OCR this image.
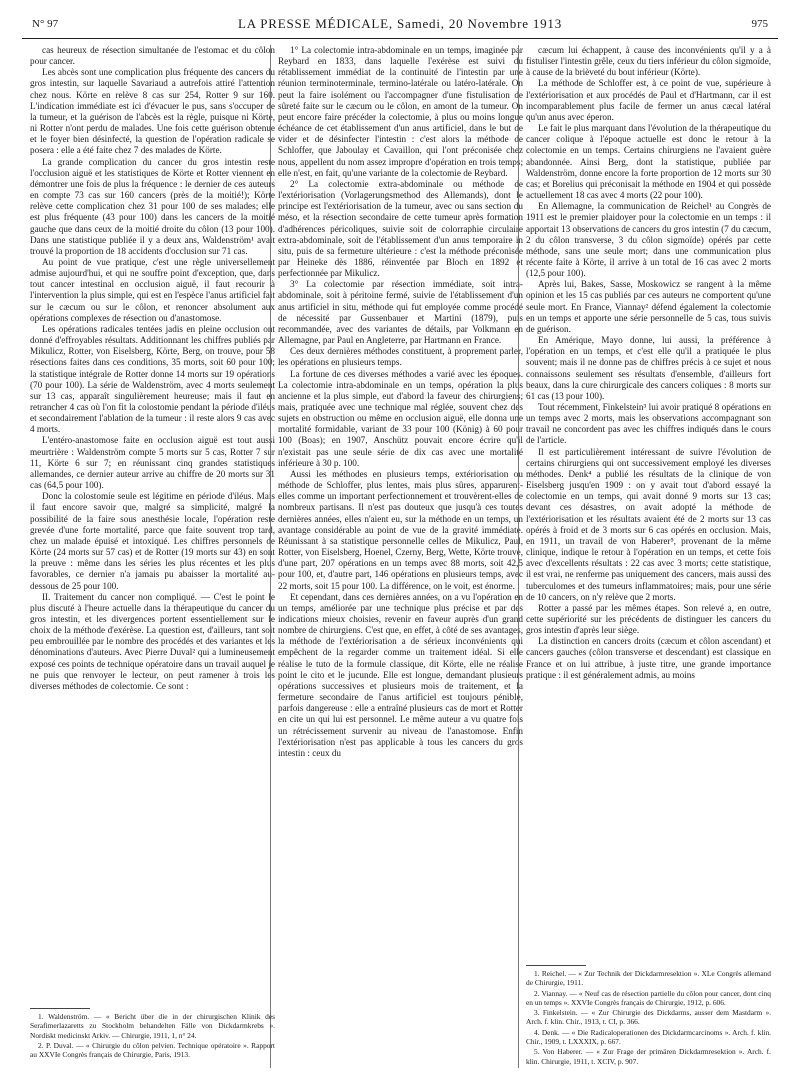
N° 97	LA PRESSE MÉDICALE, Samedi, 20 Novembre 1913	975

cas heureux de résection simultanée de l'estomac et du côlon pour cancer.

Les abcès sont une complication plus fréquente des cancers du gros intestin, sur laquelle Savariaud a autrefois attiré l'attention chez nous. Körte en relève 8 cas sur 254, Rotter 9 sur 160. L'indication immédiate est ici d'évacuer le pus, sans s'occuper de la tumeur, et la guérison de l'abcès est la règle, puisque ni Körte, ni Rotter n'ont perdu de malades. Une fois cette guérison obtenue et le foyer bien désinfecté, la question de l'opération radicale se posera : elle a été faite chez 7 des malades de Körte.

La grande complication du cancer du gros intestin reste l'occlusion aiguë et les statistiques de Körte et Rotter viennent en démontrer une fois de plus la fréquence : le dernier de ces auteurs en compte 73 cas sur 160 cancers (près de la moitié!); Körte relève cette complication chez 31 pour 100 de ses malades; elle est plus fréquente (43 pour 100) dans les cancers de la moitié gauche que dans ceux de la moitié droite du côlon (13 pour 100). Dans une statistique publiée il y a deux ans, Waldenström¹ avait trouvé la proportion de 18 accidents d'occlusion sur 71 cas.

Au point de vue pratique, c'est une règle universellement admise aujourd'hui, et qui ne souffre point d'exception, que, dans tout cancer intestinal en occlusion aiguë, il faut recourir à l'intervention la plus simple, qui est en l'espèce l'anus artificiel fait sur le cæcum ou sur le côlon, et renoncer absolument aux opérations complexes de résection ou d'anastomose.

Les opérations radicales tentées jadis en pleine occlusion ont donné d'effroyables résultats. Additionnant les chiffres publiés par Mikulicz, Rotter, von Eiselsberg, Körte, Berg, on trouve, pour 58 résections faites dans ces conditions, 35 morts, soit 60 pour 100; la statistique intégrale de Rotter donne 14 morts sur 19 opérations (70 pour 100). La série de Waldenström, avec 4 morts seulement sur 13 cas, apparaît singulièrement heureuse; mais il faut en retrancher 4 cas où l'on fit la colostomie pendant la période d'iléus et secondairement l'ablation de la tumeur : il reste alors 9 cas avec 4 morts.

L'entéro-anastomose faite en occlusion aiguë est tout aussi meurtrière : Waldenström compte 5 morts sur 5 cas, Rotter 7 sur 11, Körte 6 sur 7; en réunissant cinq grandes statistiques allemandes, ce dernier auteur arrive au chiffre de 20 morts sur 31 cas (64,5 pour 100).

Donc la colostomie seule est légitime en période d'iléus. Mais il faut encore savoir que, malgré sa simplicité, malgré la possibilité de la faire sous anesthésie locale, l'opération reste grevée d'une forte mortalité, parce que faite souvent trop tard, chez un malade épuisé et intoxiqué. Les chiffres personnels de Körte (24 morts sur 57 cas) et de Rotter (19 morts sur 43) en sont la preuve : même dans les séries les plus récentes et les plus favorables, ce dernier n'a jamais pu abaisser la mortalité au-dessous de 25 pour 100.

II. Traitement du cancer non compliqué. — C'est le point le plus discuté à l'heure actuelle dans la thérapeutique du cancer du gros intestin, et les divergences portent essentiellement sur le choix de la méthode d'exérèse. La question est, d'ailleurs, tant soit peu embrouillée par le nombre des procédés et des variantes et les dénominations d'auteurs. Avec Pierre Duval² qui a lumineusement exposé ces points de technique opératoire dans un travail auquel je ne puis que renvoyer le lecteur, on peut ramener à trois les diverses méthodes de colectomie. Ce sont :

1° La colectomie intra-abdominale en un temps, imaginée par Reybard en 1833, dans laquelle l'exérèse est suivi du rétablissement immédiat de la continuité de l'intestin par une réunion terminoterminale, termino-latérale ou latéro-latérale. On peut la faire isolément ou l'accompagner d'une fistulisation de sûreté faite sur le cæcum ou le côlon, en amont de la tumeur. On peut encore faire précéder la colectomie, à plus ou moins longue échéance de cet établissement d'un anus artificiel, dans le but de vider et de désinfecter l'intestin : c'est alors la méthode de Schloffer, que Jaboulay et Cavaillon, qui l'ont préconisée chez nous, appellent du nom assez impropre d'opération en trois temps; elle n'est, en fait, qu'une variante de la colectomie de Reybard.

2° La colectomie extra-abdominale ou méthode de l'extériorisation (Vorlagerungsmethod des Allemands), dont le principe est l'extériorisation de la tumeur, avec ou sans section du méso, et la résection secondaire de cette tumeur après formation d'adhérences péricoliques, suivie soit de colorraphie circulaire extra-abdominale, soit de l'établissement d'un anus temporaire in situ, puis de sa fermeture ultérieure : c'est la méthode préconisée par Heineke dès 1886, réinventée par Bloch en 1892 et perfectionnée par Mikulicz.

3° La colectomie par résection immédiate, soit intra-abdominale, soit à péritoine fermé, suivie de l'établissement d'un anus artificiel in situ, méthode qui fut employée comme procédé de nécessité par Gussenbauer et Martini (1879), puis recommandée, avec des variantes de détails, par Volkmann en Allemagne, par Paul en Angleterre, par Hartmann en France.

Ces deux dernières méthodes constituent, à proprement parler, les opérations en plusieurs temps.

La fortune de ces diverses méthodes a varié avec les époques. La colectomie intra-abdominale en un temps, opération la plus ancienne et la plus simple, eut d'abord la faveur des chirurgiens; mais, pratiquée avec une technique mal réglée, souvent chez des sujets en obstruction ou même en occlusion aiguë, elle donna une mortalité formidable, variant de 33 pour 100 (König) à 60 pour 100 (Boas); en 1907, Anschütz pouvait encore écrire qu'il n'existait pas une seule série de dix cas avec une mortalité inférieure à 30 p. 100.

Aussi les méthodes en plusieurs temps, extériorisation ou méthode de Schloffer, plus lentes, mais plus sûres, apparurent-elles comme un important perfectionnement et trouvèrent-elles de nombreux partisans. Il n'est pas douteux que jusqu'à ces toutes dernières années, elles n'aient eu, sur la méthode en un temps, un avantage considérable au point de vue de la gravité immédiate. Réunissant à sa statistique personnelle celles de Mikulicz, Paul, Rotter, von Eiselsberg, Hoenel, Czerny, Berg, Wette, Körte trouve, d'une part, 207 opérations en un temps avec 88 morts, soit 42,5 pour 100, et, d'autre part, 146 opérations en plusieurs temps, avec 22 morts, soit 15 pour 100. La différence, on le voit, est énorme.

Et cependant, dans ces dernières années, on a vu l'opération en un temps, améliorée par une technique plus précise et par des indications mieux choisies, revenir en faveur auprès d'un grand nombre de chirurgiens. C'est que, en effet, à côté de ses avantages, la méthode de l'extériorisation a de sérieux inconvénients qui empêchent de la regarder comme un traitement idéal. Si elle réalise le tuto de la formule classique, dit Körte, elle ne réalise point le cito et le jucunde. Elle est longue, demandant plusieurs opérations successives et plusieurs mois de traitement, et la fermeture secondaire de l'anus artificiel est toujours pénible, parfois dangereuse : elle a entraîné plusieurs cas de mort et Rotter en cite un qui lui est personnel. Le même auteur a vu quatre fois un rétrécissement survenir au niveau de l'anastomose. Enfin l'extériorisation n'est pas applicable à tous les cancers du gros intestin : ceux du

cæcum lui échappent, à cause des inconvénients qu'il y a à fistuliser l'intestin grêle, ceux du tiers inférieur du côlon sigmoïde, à cause de la brièveté du bout inférieur (Körte).

La méthode de Schloffer est, à ce point de vue, supérieure à l'extériorisation et aux procédés de Paul et d'Hartmann, car il est incomparablement plus facile de fermer un anus cæcal latéral qu'un anus avec éperon.

Le fait le plus marquant dans l'évolution de la thérapeutique du cancer colique à l'époque actuelle est donc le retour à la colectomie en un temps. Certains chirurgiens ne l'avaient guère abandonnée. Ainsi Berg, dont la statistique, publiée par Waldenström, donne encore la forte proportion de 12 morts sur 30 cas; et Borelius qui préconisait la méthode en 1904 et qui possède actuellement 18 cas avec 4 morts (22 pour 100).

En Allemagne, la communication de Reichel¹ au Congrès de 1911 est le premier plaidoyer pour la colectomie en un temps : il apportait 13 observations de cancers du gros intestin (7 du cæcum, 2 du côlon transverse, 3 du côlon sigmoïde) opérés par cette méthode, sans une seule mort; dans une communication plus récente faite à Körte, il arrive à un total de 16 cas avec 2 morts (12,5 pour 100).

Après lui, Bakes, Sasse, Moskowicz se rangent à la même opinion et les 15 cas publiés par ces auteurs ne comportent qu'une seule mort. En France, Viannay² défend également la colectomie en un temps et apporte une série personnelle de 5 cas, tous suivis de guérison.

En Amérique, Mayo donne, lui aussi, la préférence à l'opération en un temps, et c'est elle qu'il a pratiquée le plus souvent; mais il ne donne pas de chiffres précis à ce sujet et nous connaissons seulement ses résultats d'ensemble, d'ailleurs fort beaux, dans la cure chirurgicale des cancers coliques : 8 morts sur 61 cas (13 pour 100).

Tout récemment, Finkelstein³ lui avoir pratiqué 8 opérations en un temps avec 2 morts, mais les observations accompagnant son travail ne concordent pas avec les chiffres indiqués dans le cours de l'article.

Il est particulièrement intéressant de suivre l'évolution de certains chirurgiens qui ont successivement employé les diverses méthodes. Denk⁴ a publié les résultats de la clinique de von Eiselsberg jusqu'en 1909 : on y avait tout d'abord essayé la colectomie en un temps, qui avait donné 9 morts sur 13 cas; devant ces désastres, on avait adopté la méthode de l'extériorisation et les résultats avaient été de 2 morts sur 13 cas opérés à froid et de 3 morts sur 6 cas opérés en occlusion. Mais, en 1911, un travail de von Haberer⁵, provenant de la même clinique, indique le retour à l'opération en un temps, et cette fois avec d'excellents résultats : 22 cas avec 3 morts; cette statistique, il est vrai, ne renferme pas uniquement des cancers, mais aussi des tuberculomes et des tumeurs inflammatoires; mais, pour une série de 10 cancers, on n'y relève que 2 morts.

Rotter a passé par les mêmes étapes. Son relevé a, en outre, cette supériorité sur les précédents de distinguer les cancers du gros intestin d'après leur siège.

La distinction en cancers droits (cæcum et côlon ascendant) et cancers gauches (côlon transverse et descendant) est classique en France et on lui attribue, à juste titre, une grande importance pratique : il est généralement admis, au moins

1. Waldenström. — « Bericht über die in der chirurgischen Klinik des Serafimerlazaretts zu Stockholm behandelten Fälle von Dickdarmkrebs ». Nordiskt medicinskt Arkiv. — Chirurgie, 1911, 1, n° 24.

2. P. Duval. — « Chirurgie du côlon pelvien. Technique opératoire ». Rapport au XXVIe Congrès français de Chirurgie, Paris, 1913.

1. Reichel. — « Zur Technik der Dickdarmresektion ». XLe Congrès allemand de Chirurgie, 1911.

2. Viannay. — « Neuf cas de résection partielle du côlon pour cancer, dont cinq en un temps ». XXVIe Congrès français de Chirurgie, 1912, p. 606.

3. Finkelstein. — « Zur Chirurgie des Dickdarms, ausser dem Mastdarm ». Arch. f. klin. Chir., 1913, t. CI, p. 366.

4. Denk. — « Die Radicaloperationen des Dickdarmcarcinoms ». Arch. f. klin. Chir., 1909, t. LXXXIX, p. 667.

5. Von Haberer. — « Zur Frage der primären Dickdarmresektion ». Arch. f. klin. Chirurgie, 1911, t. XCIV, p. 907.
